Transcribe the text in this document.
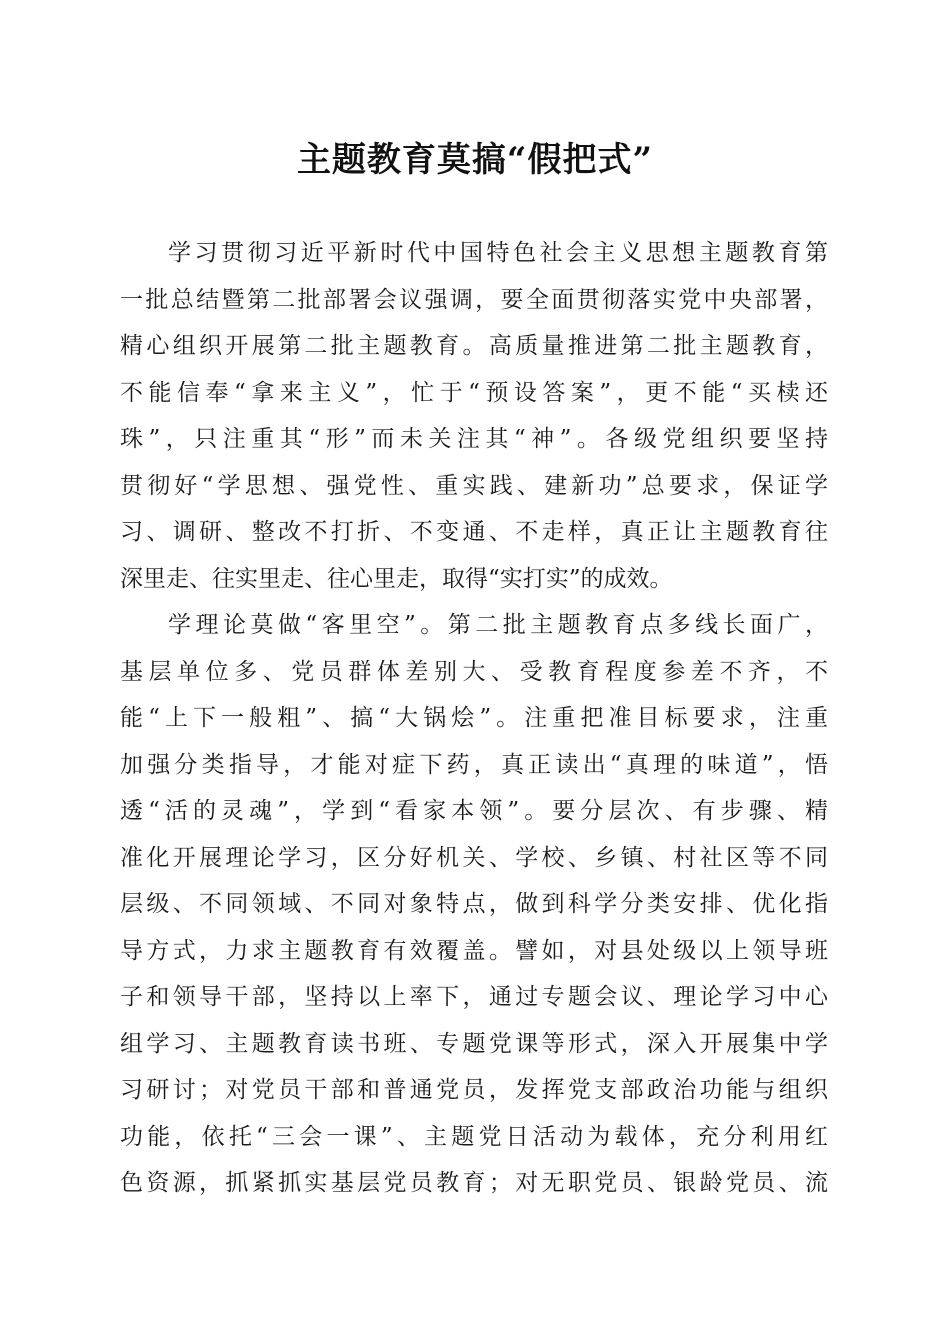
主题教育莫搞“假把式”
学习贯彻习近平新时代中国特色社会主义思想主题教育第
一批总结暨第二批部署会议强调，要全面贯彻落实党中央部署，
精心组织开展第二批主题教育。高质量推进第二批主题教育，
不能信奉“拿来主义”，忙于“预设答案”，更不能“买椟还
珠”，只注重其“形”而未关注其“神”。各级党组织要坚持
贯彻好“学思想、强党性、重实践、建新功”总要求，保证学
习、调研、整改不打折、不变通、不走样，真正让主题教育往
深里走、往实里走、往心里走，取得“实打实”的成效。
学理论莫做“客里空”。第二批主题教育点多线长面广，
基层单位多、党员群体差别大、受教育程度参差不齐，不
能“上下一般粗”、搞“大锅烩”。注重把准目标要求，注重
加强分类指导，才能对症下药，真正读出“真理的味道”，悟
透“活的灵魂”，学到“看家本领”。要分层次、有步骤、精
准化开展理论学习，区分好机关、学校、乡镇、村社区等不同
层级、不同领域、不同对象特点，做到科学分类安排、优化指
导方式，力求主题教育有效覆盖。譬如，对县处级以上领导班
子和领导干部，坚持以上率下，通过专题会议、理论学习中心
组学习、主题教育读书班、专题党课等形式，深入开展集中学
习研讨；对党员干部和普通党员，发挥党支部政治功能与组织
功能，依托“三会一课”、主题党日活动为载体，充分利用红
色资源，抓紧抓实基层党员教育；对无职党员、银龄党员、流
